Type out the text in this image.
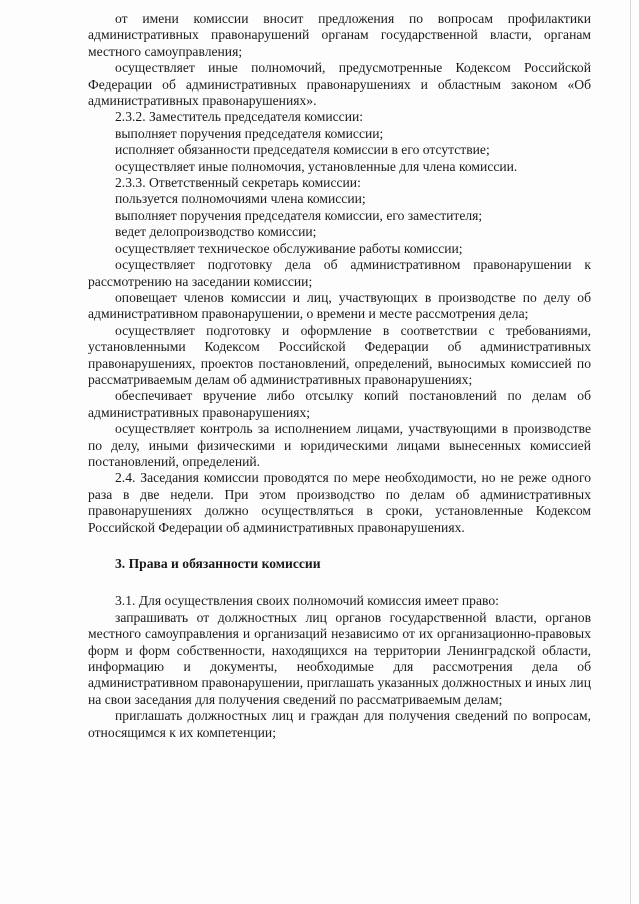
от имени комиссии вносит предложения по вопросам профилактики административных правонарушений органам государственной власти, органам местного самоуправления;

осуществляет иные полномочий, предусмотренные Кодексом Российской Федерации об административных правонарушениях и областным законом «Об административных правонарушениях».

2.3.2. Заместитель председателя комиссии:

выполняет поручения председателя комиссии;

исполняет обязанности председателя комиссии в его отсутствие;

осуществляет иные полномочия, установленные для члена комиссии.

2.3.3. Ответственный секретарь комиссии:

пользуется полномочиями члена комиссии;

выполняет поручения председателя комиссии, его заместителя;

ведет делопроизводство комиссии;

осуществляет техническое обслуживание работы комиссии;

осуществляет подготовку дела об административном правонарушении к рассмотрению на заседании комиссии;

оповещает членов комиссии и лиц, участвующих в производстве по делу об административном правонарушении, о времени и месте рассмотрения дела;

осуществляет подготовку и оформление в соответствии с требованиями, установленными Кодексом Российской Федерации об административных правонарушениях, проектов постановлений, определений, выносимых комиссией по рассматриваемым делам об административных правонарушениях;

обеспечивает вручение либо отсылку копий постановлений по делам об административных правонарушениях;

осуществляет контроль за исполнением лицами, участвующими в производстве по делу, иными физическими и юридическими лицами вынесенных комиссией постановлений, определений.

2.4. Заседания комиссии проводятся по мере необходимости, но не реже одного раза в две недели. При этом производство по делам об административных правонарушениях должно осуществляться в сроки, установленные Кодексом Российской Федерации об административных правонарушениях.

3. Права и обязанности комиссии

3.1. Для осуществления своих полномочий комиссия имеет право:

запрашивать от должностных лиц органов государственной власти, органов местного самоуправления и организаций независимо от их организационно-правовых форм и форм собственности, находящихся на территории Ленинградской области, информацию и документы, необходимые для рассмотрения дела об административном правонарушении, приглашать указанных должностных и иных лиц на свои заседания для получения сведений по рассматриваемым делам;

приглашать должностных лиц и граждан для получения сведений по вопросам, относящимся к их компетенции;
